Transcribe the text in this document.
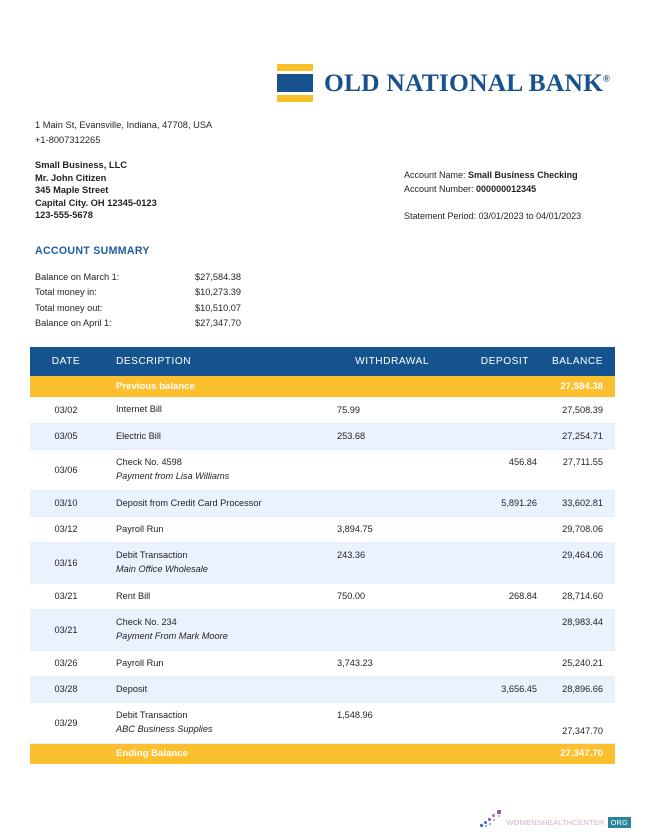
OLD NATIONAL BANK®
1 Main St, Evansville, Indiana, 47708, USA
+1-8007312265
Small Business, LLC
Mr. John Citizen
345 Maple Street
Capital City. OH 12345-0123
123-555-5678
Account Name: Small Business Checking
Account Number: 000000012345
Statement Period: 03/01/2023 to 04/01/2023
ACCOUNT SUMMARY
Balance on March 1:	$27,584.38
Total money in:	$10,273.39
Total money out:	$10,510.07
Balance on April 1:	$27,347.70
DATE	DESCRIPTION	WITHDRAWAL	DEPOSIT	BALANCE
	Previous balance			27,584.38
03/02	Internet Bill	75.99		27,508.39
03/05	Electric Bill	253.68		27,254.71
03/06	Check No. 4598
Payment from Lisa Williams		456.84	27,711.55
03/10	Deposit from Credit Card Processor		5,891.26	33,602.81
03/12	Payroll Run	3,894.75		29,708.06
03/16	Debit Transaction
Main Office Wholesale	243.36		29,464.06
03/21	Rent Bill	750.00	268.84	28,714.60
03/21	Check No. 234
Payment From Mark Moore			28,983.44
03/26	Payroll Run	3,743.23		25,240.21
03/28	Deposit		3,656.45	28,896.66
03/29	Debit Transaction
ABC Business Supplies	1,548.96		27,347.70
	Ending Balance			27,347.70
WOMENSHEALTHCENTER ORG
